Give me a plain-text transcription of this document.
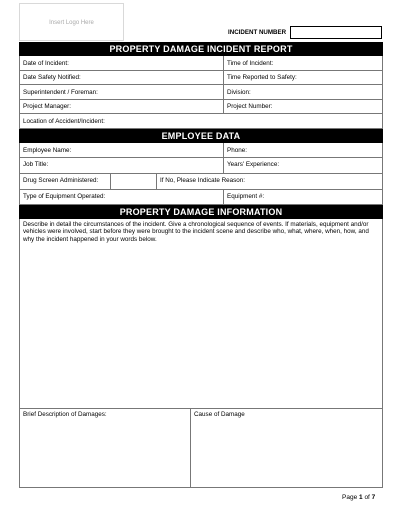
Insert Logo Here
INCIDENT NUMBER
PROPERTY DAMAGE INCIDENT REPORT
Date of Incident:	Time of Incident:
Date Safety Notified:	Time Reported to Safety:
Superintendent / Foreman:	Division:
Project Manager:	Project Number:
Location of Accident/Incident:
EMPLOYEE DATA
Employee Name:	Phone:
Job Title:	Years' Experience:
Drug Screen Administered:	If No, Please Indicate Reason:
Type of Equipment Operated:	Equipment #:
PROPERTY DAMAGE INFORMATION
Describe in detail the circumstances of the incident. Give a chronological sequence of events. If materials, equipment and/or vehicles were involved, start before they were brought to the incident scene and describe who, what, where, when, how, and why the incident happened in your words below.
Brief Description of Damages:	Cause of Damage
Page 1 of 7
